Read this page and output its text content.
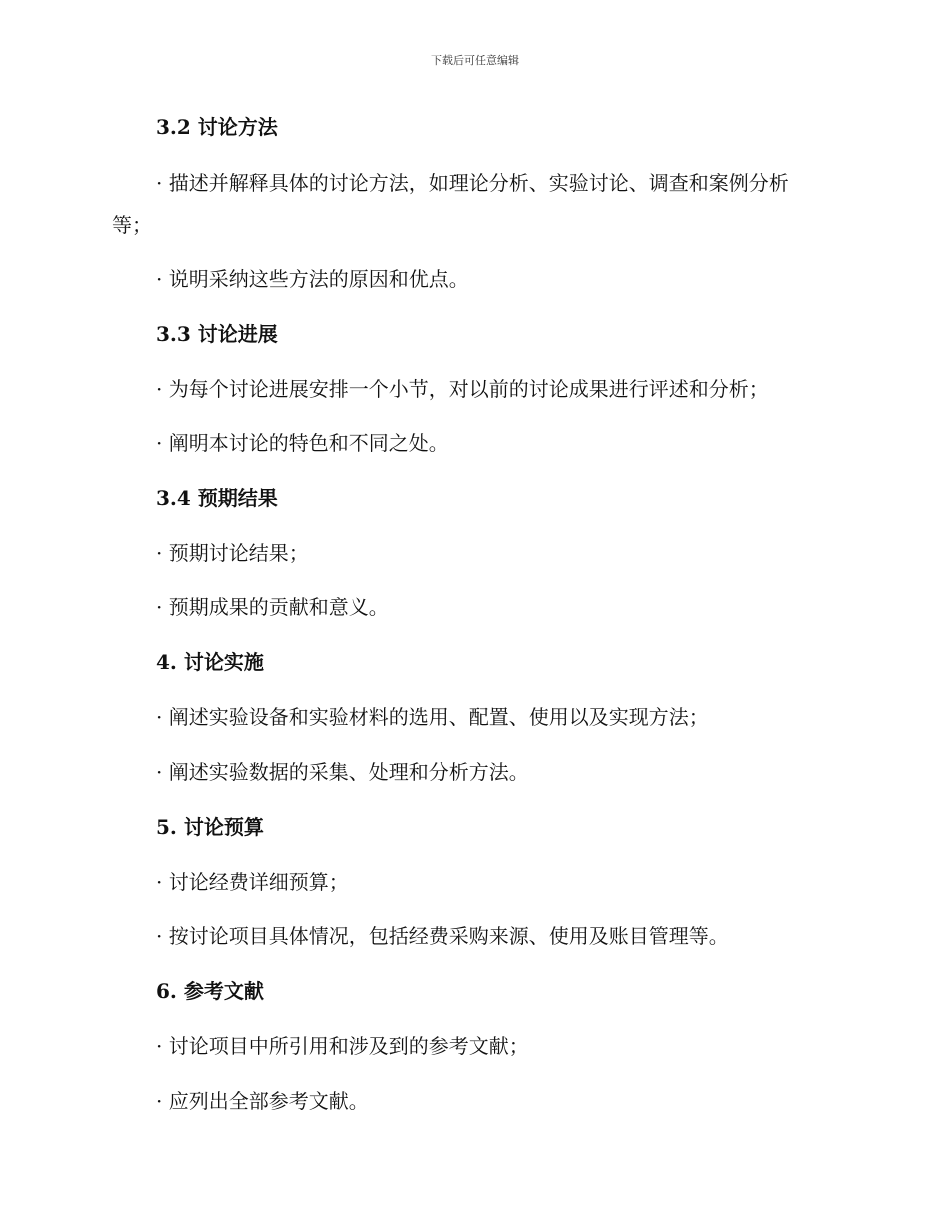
下载后可任意编辑
3.2 讨论方法
· 描述并解释具体的讨论方法，如理论分析、实验讨论、调查和案例分析等；
· 说明采纳这些方法的原因和优点。
3.3 讨论进展
· 为每个讨论进展安排一个小节，对以前的讨论成果进行评述和分析；
· 阐明本讨论的特色和不同之处。
3.4 预期结果
· 预期讨论结果；
· 预期成果的贡献和意义。
4. 讨论实施
· 阐述实验设备和实验材料的选用、配置、使用以及实现方法；
· 阐述实验数据的采集、处理和分析方法。
5. 讨论预算
· 讨论经费详细预算；
· 按讨论项目具体情况，包括经费采购来源、使用及账目管理等。
6. 参考文献
· 讨论项目中所引用和涉及到的参考文献；
· 应列出全部参考文献。
